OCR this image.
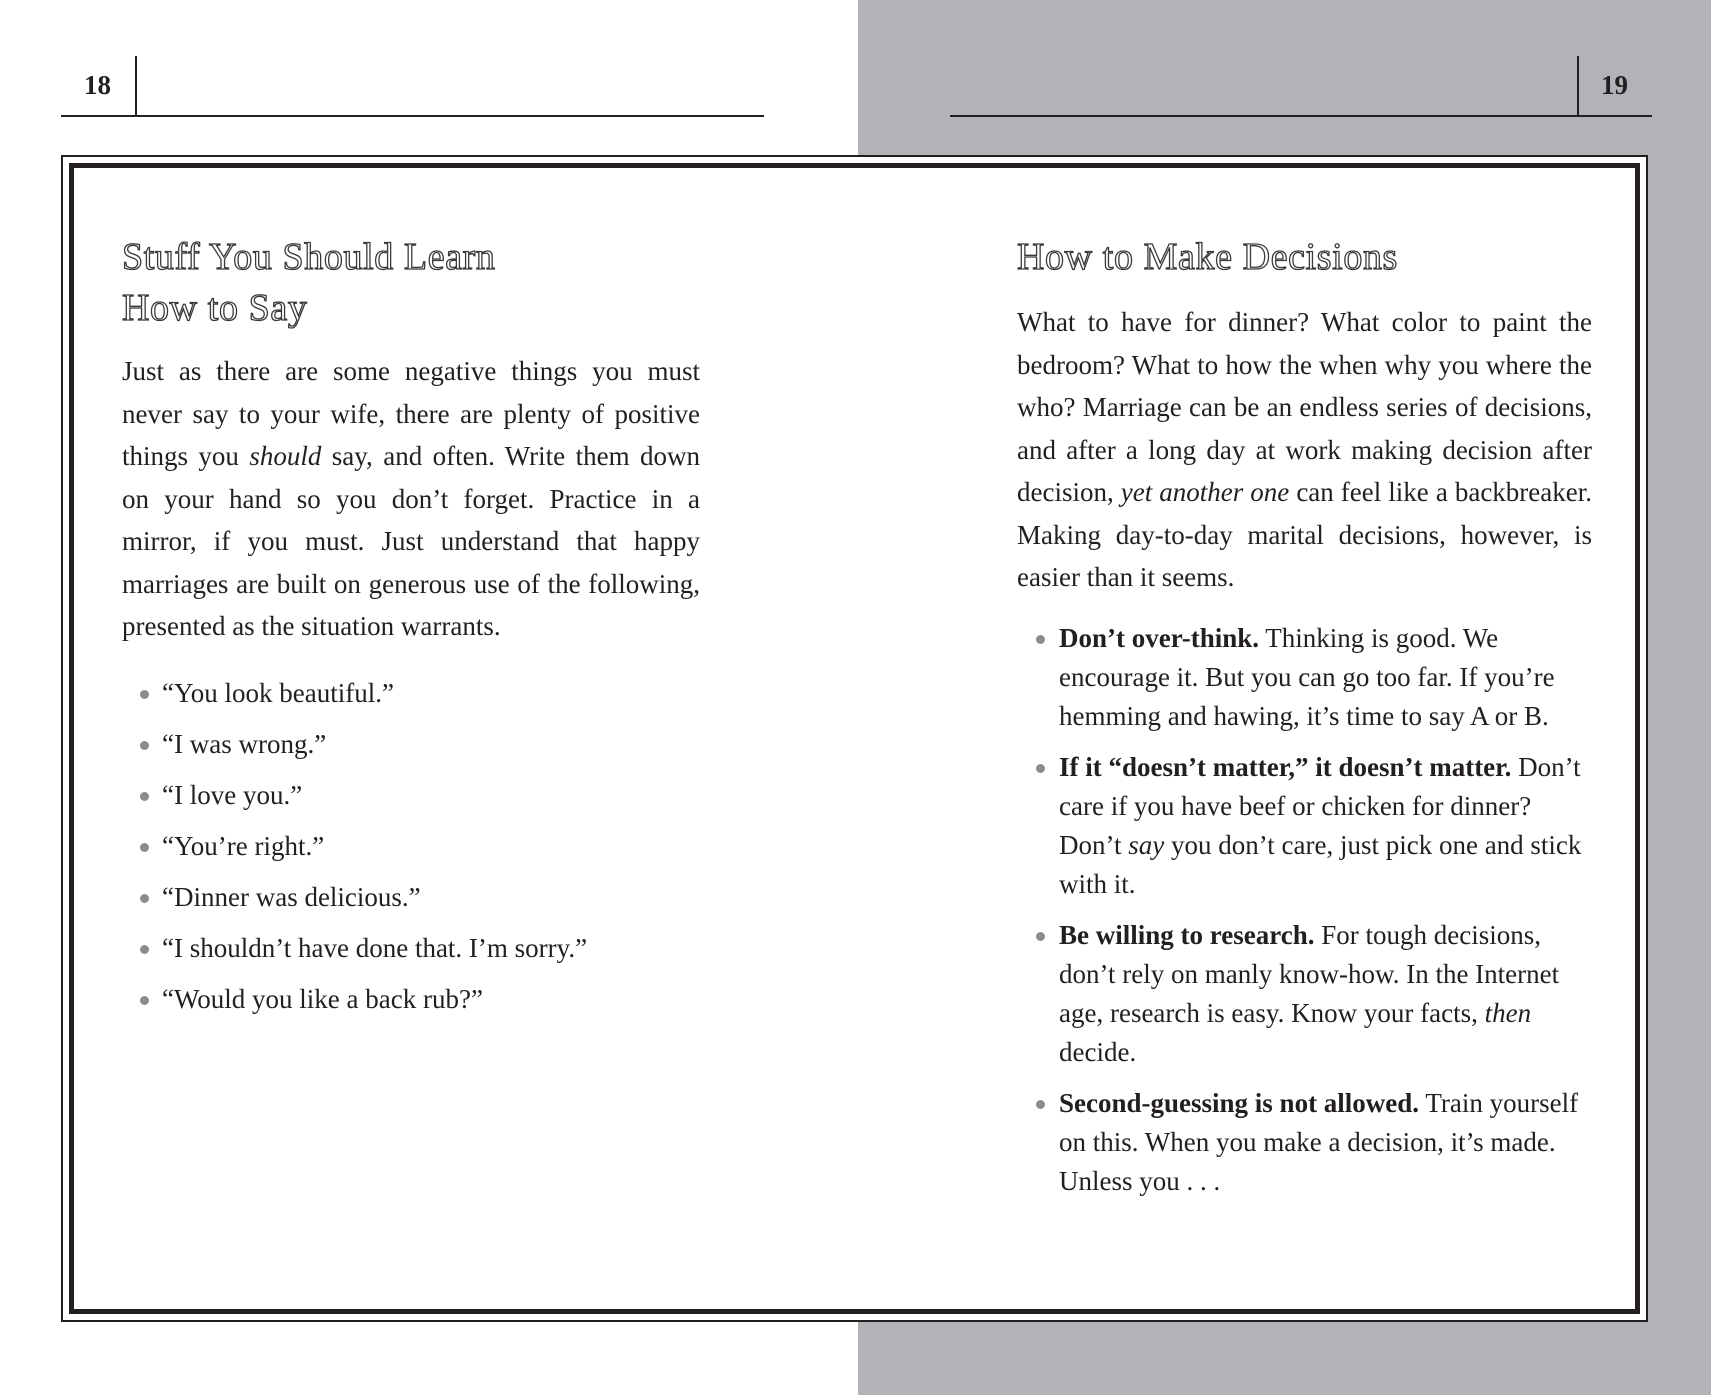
18	19
Stuff You Should Learn
How to Say

Just as there are some negative things you must never say to your wife, there are plenty of positive things you should say, and often. Write them down on your hand so you don’t forget. Practice in a mirror, if you must. Just understand that happy marriages are built on generous use of the following, presented as the situation warrants.

“You look beautiful.”
“I was wrong.”
“I love you.”
“You’re right.”
“Dinner was delicious.”
“I shouldn’t have done that. I’m sorry.”
“Would you like a back rub?”
How to Make Decisions

What to have for dinner? What color to paint the bedroom? What to how the when why you where the who? Marriage can be an endless series of decisions, and after a long day at work making decision after decision, yet another one can feel like a backbreaker. Making day-to-day marital decisions, however, is easier than it seems.

Don’t over-think. Thinking is good. We encourage it. But you can go too far. If you’re hemming and hawing, it’s time to say A or B.
If it “doesn’t matter,” it doesn’t matter. Don’t care if you have beef or chicken for dinner? Don’t say you don’t care, just pick one and stick with it.
Be willing to research. For tough decisions, don’t rely on manly know-how. In the Internet age, research is easy. Know your facts, then decide.
Second-guessing is not allowed. Train yourself on this. When you make a decision, it’s made. Unless you . . .
